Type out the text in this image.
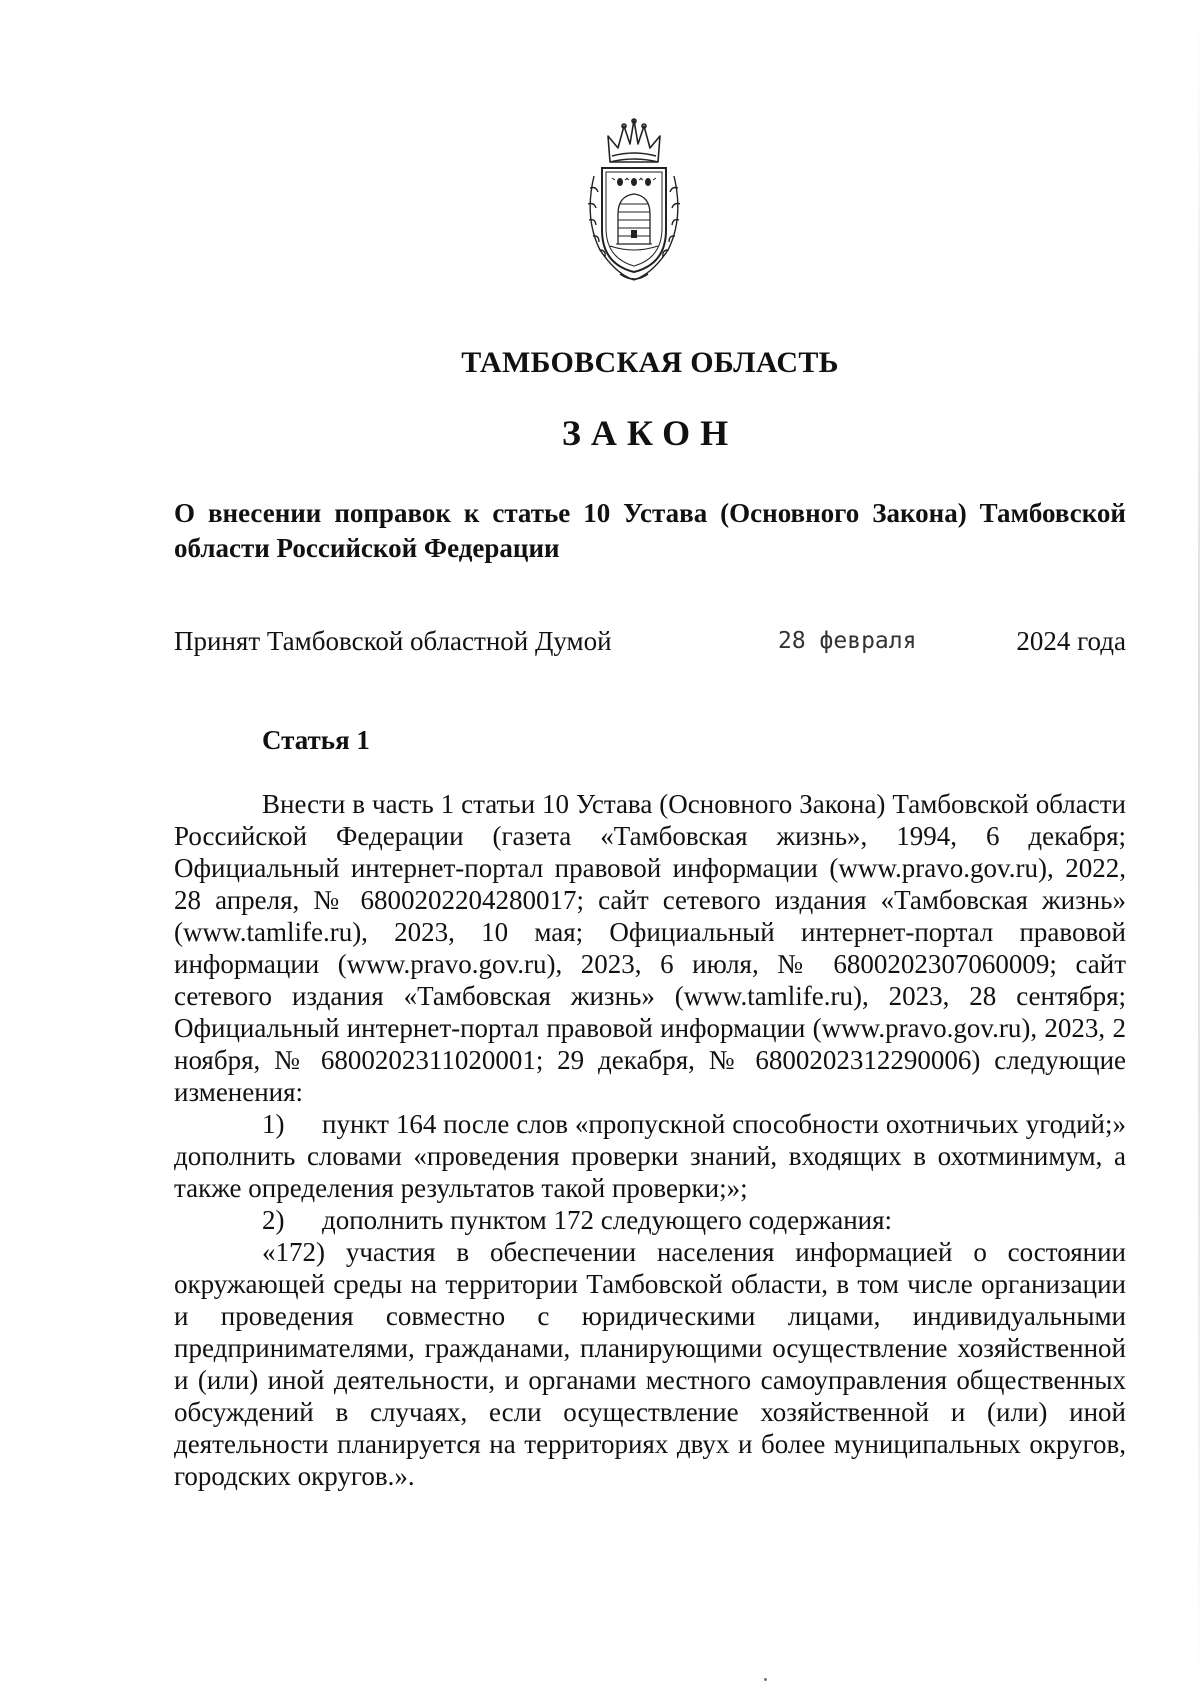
ТАМБОВСКАЯ ОБЛАСТЬ
ЗАКОН
О внесении поправок к статье 10 Устава (Основного Закона) Тамбовской области Российской Федерации
Принят Тамбовской областной Думой	28 февраля	2024 года
Статья 1

Внести в часть 1 статьи 10 Устава (Основного Закона) Тамбовской области Российской Федерации (газета «Тамбовская жизнь», 1994, 6 декабря; Официальный интернет-портал правовой информации (www.pravo.gov.ru), 2022, 28 апреля, № 6800202204280017; сайт сетевого издания «Тамбовская жизнь» (www.tamlife.ru), 2023, 10 мая; Официальный интернет-портал правовой информации (www.pravo.gov.ru), 2023, 6 июля, № 6800202307060009; сайт сетевого издания «Тамбовская жизнь» (www.tamlife.ru), 2023, 28 сентября; Официальный интернет-портал правовой информации (www.pravo.gov.ru), 2023, 2 ноября, № 6800202311020001; 29 декабря, № 6800202312290006) следующие изменения:

1) пункт 164 после слов «пропускной способности охотничьих угодий;» дополнить словами «проведения проверки знаний, входящих в охотминимум, а также определения результатов такой проверки;»;

2) дополнить пунктом 172 следующего содержания:

«172) участия в обеспечении населения информацией о состоянии окружающей среды на территории Тамбовской области, в том числе организации и проведения совместно с юридическими лицами, индивидуальными предпринимателями, гражданами, планирующими осуществление хозяйственной и (или) иной деятельности, и органами местного самоуправления общественных обсуждений в случаях, если осуществление хозяйственной и (или) иной деятельности планируется на территориях двух и более муниципальных округов, городских округов.».
